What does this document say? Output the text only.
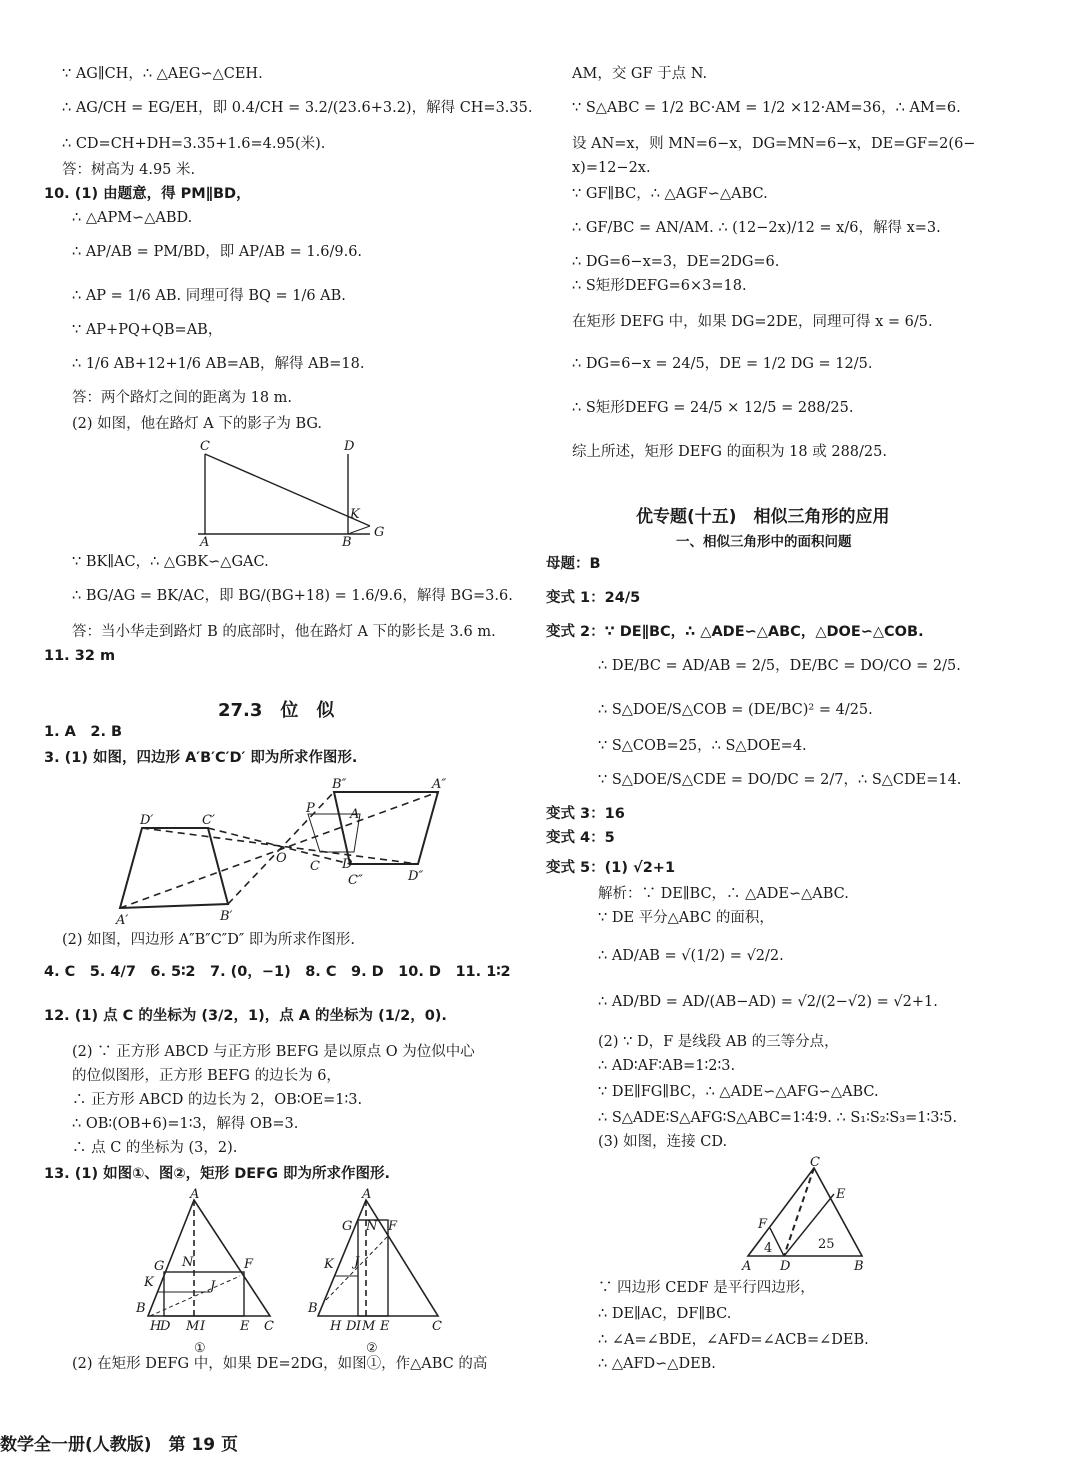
∵ AG∥CH，∴ △AEG∽△CEH.
∴ AG/CH = EG/EH，即 0.4/CH = 3.2/(23.6+3.2)，解得 CH=3.35.
∴ CD=CH+DH=3.35+1.6=4.95(米).
答：树高为 4.95 米.
10. (1) 由题意，得 PM∥BD，
∴ △APM∽△ABD.
∴ AP/AB = PM/BD，即 AP/AB = 1.6/9.6.
∴ AP = 1/6 AB. 同理可得 BQ = 1/6 AB.
∵ AP+PQ+QB=AB，
∴ 1/6 AB+12+1/6 AB=AB，解得 AB=18.
答：两个路灯之间的距离为 18 m.
(2) 如图，他在路灯 A 下的影子为 BG.
C	D
K
G
A	B
∵ BK∥AC，∴ △GBK∽△GAC.
∴ BG/AG = BK/AC，即 BG/(BG+18) = 1.6/9.6，解得 BG=3.6.
答：当小华走到路灯 B 的底部时，他在路灯 A 下的影长是 3.6 m.
11. 32 m
27.3　位　似
1. A　2. B
3. (1) 如图，四边形 A′B′C′D′ 即为所求作图形.
D′	C′
B″	A″
P	A
O
C D
C″	D″
A′	B′
(2) 如图，四边形 A″B″C″D″ 即为所求作图形.
4. C　5. 4/7　6. 5∶2　7. (0，−1)　8. C　9. D　10. D　11. 1∶2
12. (1) 点 C 的坐标为 (3/2，1)，点 A 的坐标为 (1/2，0).
(2) ∵ 正方形 ABCD 与正方形 BEFG 是以原点 O 为位似中心
的位似图形，正方形 BEFG 的边长为 6，
∴ 正方形 ABCD 的边长为 2，OB∶OE=1∶3.
∴ OB∶(OB+6)=1∶3，解得 OB=3.
∴ 点 C 的坐标为 (3，2).
13. (1) 如图①、图②，矩形 DEFG 即为所求作图形.
A
G N	F
K	J
B
H
D M I	E C
①
A
G N F
K J
B
H D I M E	C
②
(2) 在矩形 DEFG 中，如果 DE=2DG，如图①，作△ABC 的高
AM，交 GF 于点 N.
∵ S△ABC = 1/2 BC·AM = 1/2 ×12·AM=36，∴ AM=6.
设 AN=x，则 MN=6−x，DG=MN=6−x，DE=GF=2(6−
x)=12−2x.
∵ GF∥BC，∴ △AGF∽△ABC.
∴ GF/BC = AN/AM. ∴ (12−2x)/12 = x/6，解得 x=3.
∴ DG=6−x=3，DE=2DG=6.
∴ S矩形DEFG=6×3=18.
在矩形 DEFG 中，如果 DG=2DE，同理可得 x = 6/5.
∴ DG=6−x = 24/5，DE = 1/2 DG = 12/5.
∴ S矩形DEFG = 24/5 × 12/5 = 288/25.
综上所述，矩形 DEFG 的面积为 18 或 288/25.
优专题(十五)　相似三角形的应用
一、相似三角形中的面积问题
母题：B
变式 1：24/5
变式 2：∵ DE∥BC，∴ △ADE∽△ABC，△DOE∽△COB.
∴ DE/BC = AD/AB = 2/5，DE/BC = DO/CO = 2/5.
∴ S△DOE/S△COB = (DE/BC)² = 4/25.
∵ S△COB=25，∴ S△DOE=4.
∵ S△DOE/S△CDE = DO/DC = 2/7，∴ S△CDE=14.
变式 3：16
变式 4：5
变式 5：(1) √2+1
解析：∵ DE∥BC，∴ △ADE∽△ABC.
∵ DE 平分△ABC 的面积，
∴ AD/AB = √(1/2) = √2/2.
∴ AD/BD = AD/(AB−AD) = √2/(2−√2) = √2+1.
(2) ∵ D，F 是线段 AB 的三等分点，
∴ AD∶AF∶AB=1∶2∶3.
∵ DE∥FG∥BC，∴ △ADE∽△AFG∽△ABC.
∴ S△ADE∶S△AFG∶S△ABC=1∶4∶9. ∴ S₁∶S₂∶S₃=1∶3∶5.
(3) 如图，连接 CD.
C
E
F
4	25
A D	B
∵ 四边形 CEDF 是平行四边形，
∴ DE∥AC，DF∥BC.
∴ ∠A=∠BDE，∠AFD=∠ACB=∠DEB.
∴ △AFD∽△DEB.
数学全一册(人教版)　第 19 页
